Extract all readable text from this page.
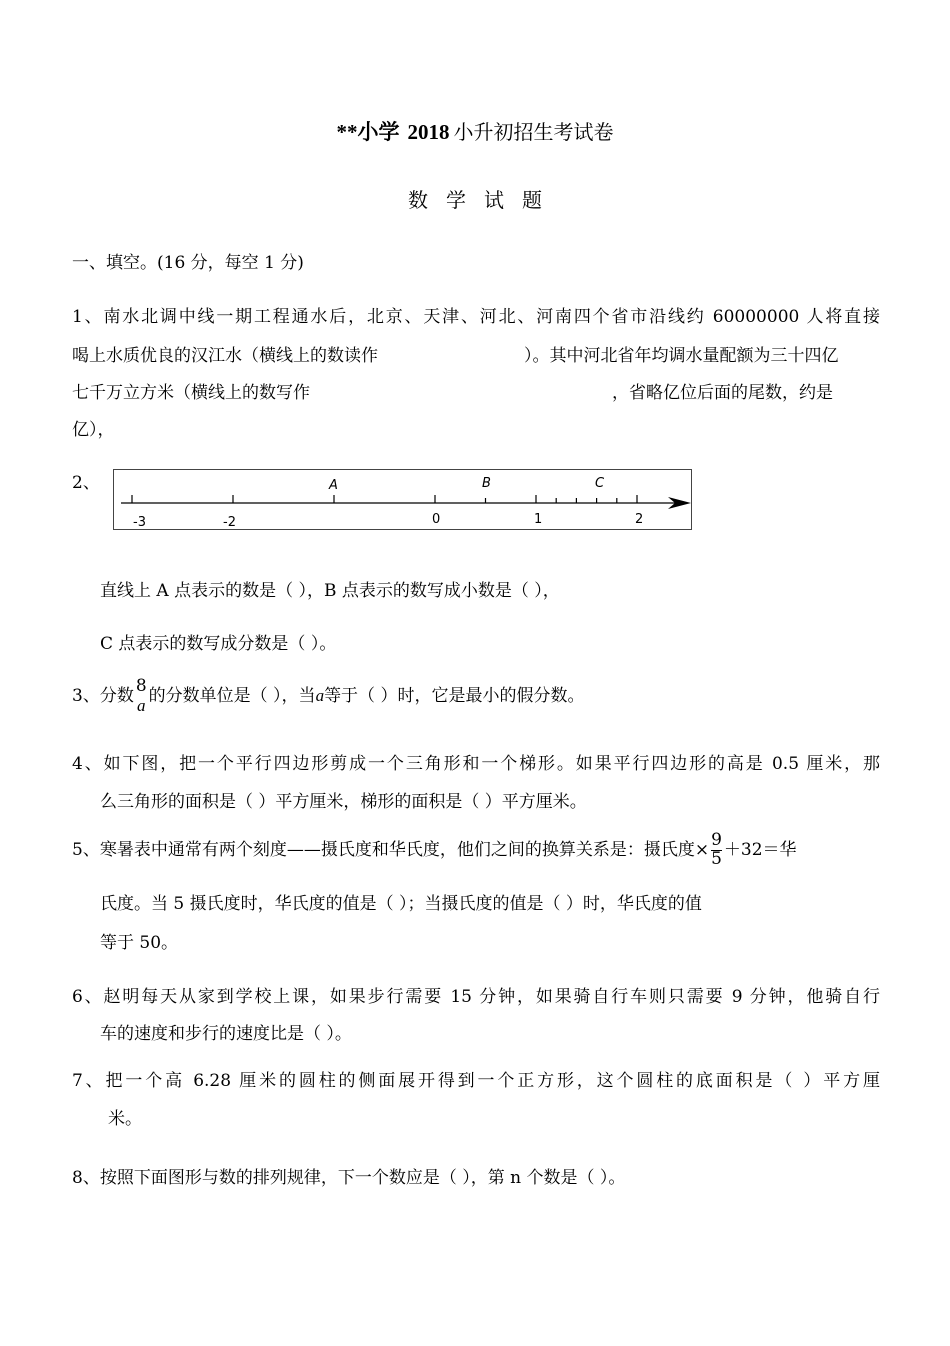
**小学 2018 小升初招生考试卷
数学试题
一、填空。(16 分，每空 1 分)
1、南水北调中线一期工程通水后，北京、天津、河北、河南四个省市沿线约 60000000 人将直接
喝上水质优良的汉江水（横线上的数读作	）。其中河北省年均调水量配额为三十四亿
七千万立方米（横线上的数写作	，省略亿位后面的尾数，约是
亿），
2、
-3	-2	0	1	2
A	B	C
直线上 A 点表示的数是（ ），B 点表示的数写成小数是（ ），
C 点表示的数写成分数是（ ）。
3、分数 8
a 的分数单位是（ ），当a等于（ ）时，它是最小的假分数。
4、如下图，把一个平行四边形剪成一个三角形和一个梯形。如果平行四边形的高是 0.5 厘米，那
么三角形的面积是（ ）平方厘米，梯形的面积是（ ）平方厘米。
5、寒暑表中通常有两个刻度——摄氏度和华氏度，他们之间的换算关系是：摄氏度× $\frac{9}{5} +32=$华
氏度。当 5 摄氏度时，华氏度的值是（ ）；当摄氏度的值是（ ）时，华氏度的值
等于 50。
6、赵明每天从家到学校上课，如果步行需要 15 分钟，如果骑自行车则只需要 9 分钟，他骑自行
车的速度和步行的速度比是（ ）。
7、把一个高 6.28 厘米的圆柱的侧面展开得到一个正方形，这个圆柱的底面积是（ ）平方厘
米。
8、按照下面图形与数的排列规律，下一个数应是（ ），第 n 个数是（ ）。
